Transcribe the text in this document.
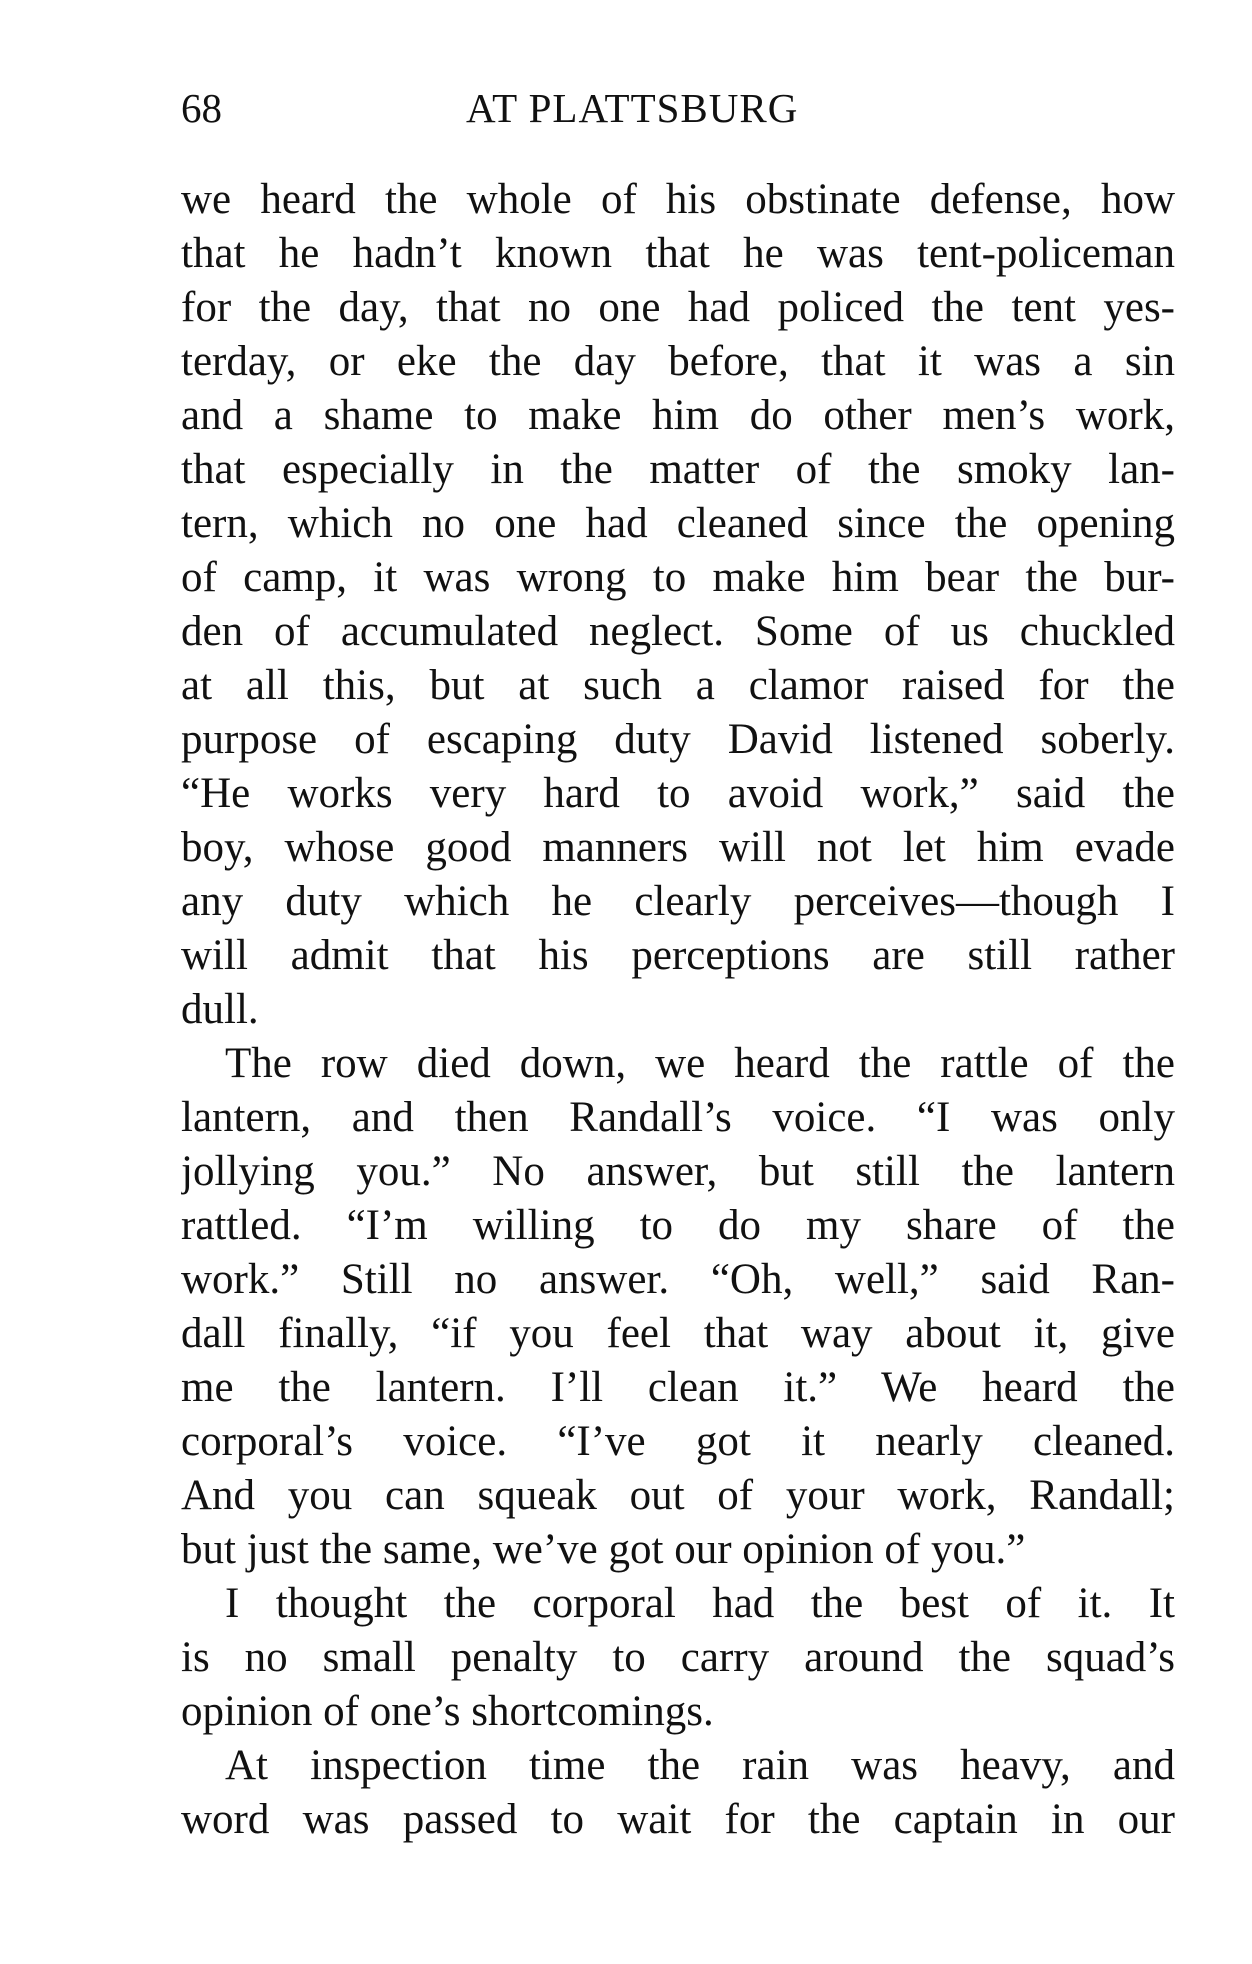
68	AT PLATTSBURG

we heard the whole of his obstinate defense, how
that he hadn’t known that he was tent-policeman
for the day, that no one had policed the tent yes-
terday, or eke the day before, that it was a sin
and a shame to make him do other men’s work,
that especially in the matter of the smoky lan-
tern, which no one had cleaned since the opening
of camp, it was wrong to make him bear the bur-
den of accumulated neglect. Some of us chuckled
at all this, but at such a clamor raised for the
purpose of escaping duty David listened soberly.
“He works very hard to avoid work,” said the
boy, whose good manners will not let him evade
any duty which he clearly perceives—though I
will admit that his perceptions are still rather
dull.

The row died down, we heard the rattle of the
lantern, and then Randall’s voice. “I was only
jollying you.” No answer, but still the lantern
rattled. “I’m willing to do my share of the
work.” Still no answer. “Oh, well,” said Ran-
dall finally, “if you feel that way about it, give
me the lantern. I’ll clean it.” We heard the
corporal’s voice. “I’ve got it nearly cleaned.
And you can squeak out of your work, Randall;
but just the same, we’ve got our opinion of you.”

I thought the corporal had the best of it. It
is no small penalty to carry around the squad’s
opinion of one’s shortcomings.

At inspection time the rain was heavy, and
word was passed to wait for the captain in our
